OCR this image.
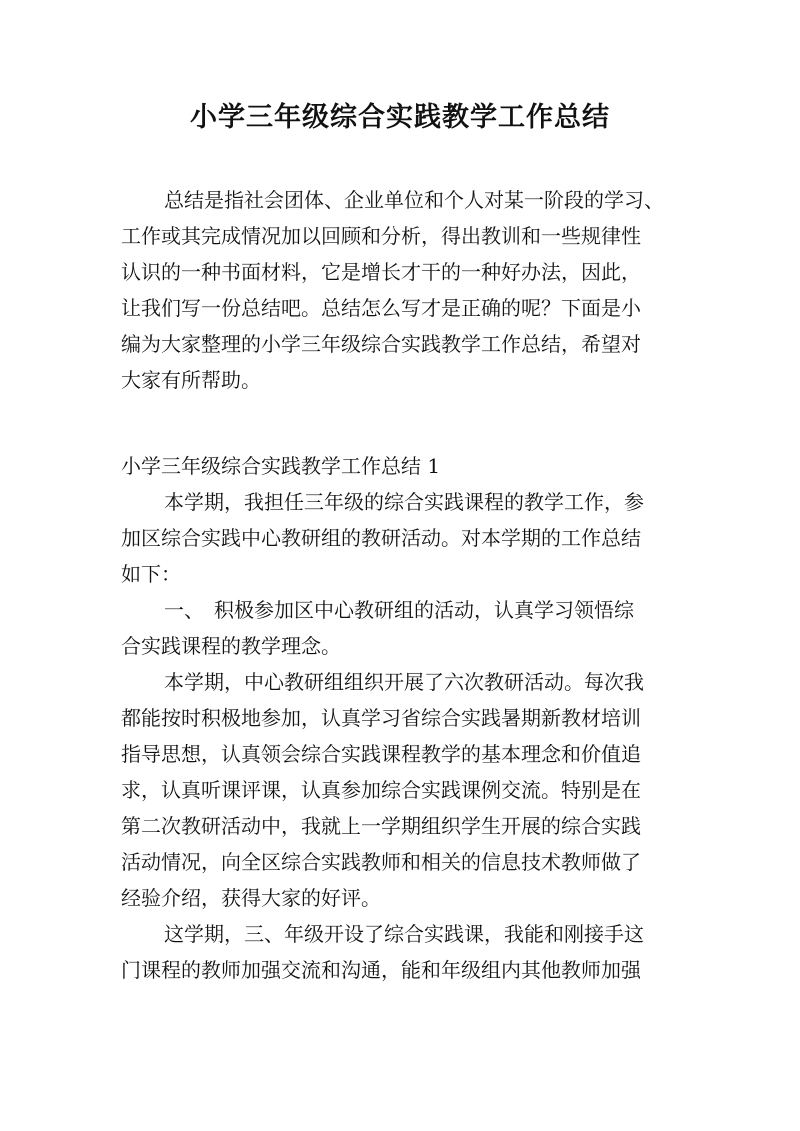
小学三年级综合实践教学工作总结

总结是指社会团体、企业单位和个人对某一阶段的学习、

工作或其完成情况加以回顾和分析，得出教训和一些规律性

认识的一种书面材料，它是增长才干的一种好办法，因此，

让我们写一份总结吧。总结怎么写才是正确的呢？下面是小

编为大家整理的小学三年级综合实践教学工作总结，希望对

大家有所帮助。

小学三年级综合实践教学工作总结 1

本学期，我担任三年级的综合实践课程的教学工作，参

加区综合实践中心教研组的教研活动。对本学期的工作总结

如下：

一、　积极参加区中心教研组的活动，认真学习领悟综

合实践课程的教学理念。

本学期，中心教研组组织开展了六次教研活动。每次我

都能按时积极地参加，认真学习省综合实践暑期新教材培训

指导思想，认真领会综合实践课程教学的基本理念和价值追

求，认真听课评课，认真参加综合实践课例交流。特别是在

第二次教研活动中，我就上一学期组织学生开展的综合实践

活动情况，向全区综合实践教师和相关的信息技术教师做了

经验介绍，获得大家的好评。

这学期，三、年级开设了综合实践课，我能和刚接手这

门课程的教师加强交流和沟通，能和年级组内其他教师加强
